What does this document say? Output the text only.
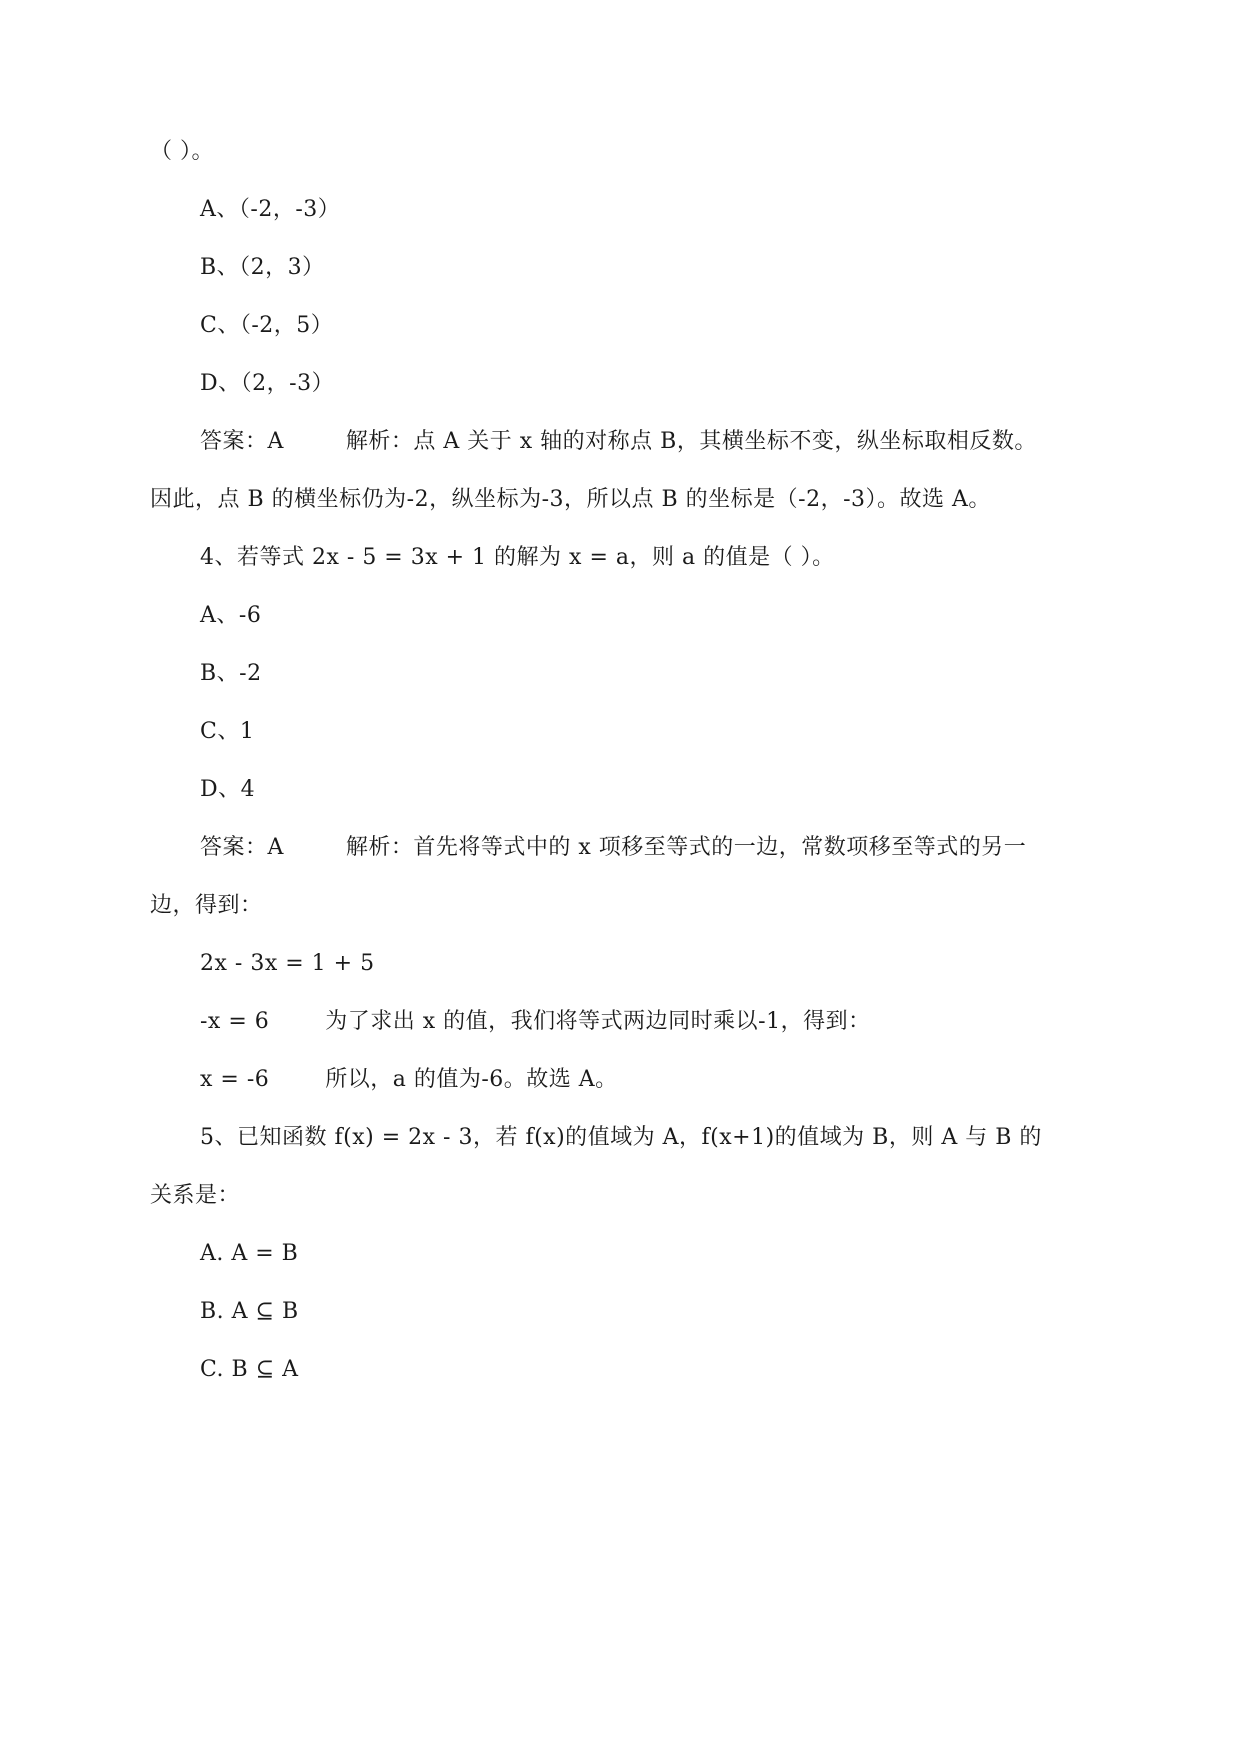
（ ）。
A、（-2，-3）
B、（2，3）
C、（-2，5）
D、（2，-3）
答案：A	解析：点 A 关于 x 轴的对称点 B，其横坐标不变，纵坐标取相反数。
因此，点 B 的横坐标仍为-2，纵坐标为-3，所以点 B 的坐标是（-2，-3）。故选 A。
4、若等式 2x - 5 = 3x + 1 的解为 x = a，则 a 的值是（ ）。
A、-6
B、-2
C、1
D、4
答案：A	解析：首先将等式中的 x 项移至等式的一边，常数项移至等式的另一
边，得到：
2x - 3x = 1 + 5
-x = 6	为了求出 x 的值，我们将等式两边同时乘以-1，得到：
x = -6	所以，a 的值为-6。故选 A。
5、已知函数 f(x) = 2x - 3，若 f(x)的值域为 A，f(x+1)的值域为 B，则 A 与 B 的
关系是：
A. A = B
B. A ⊆ B
C. B ⊆ A
